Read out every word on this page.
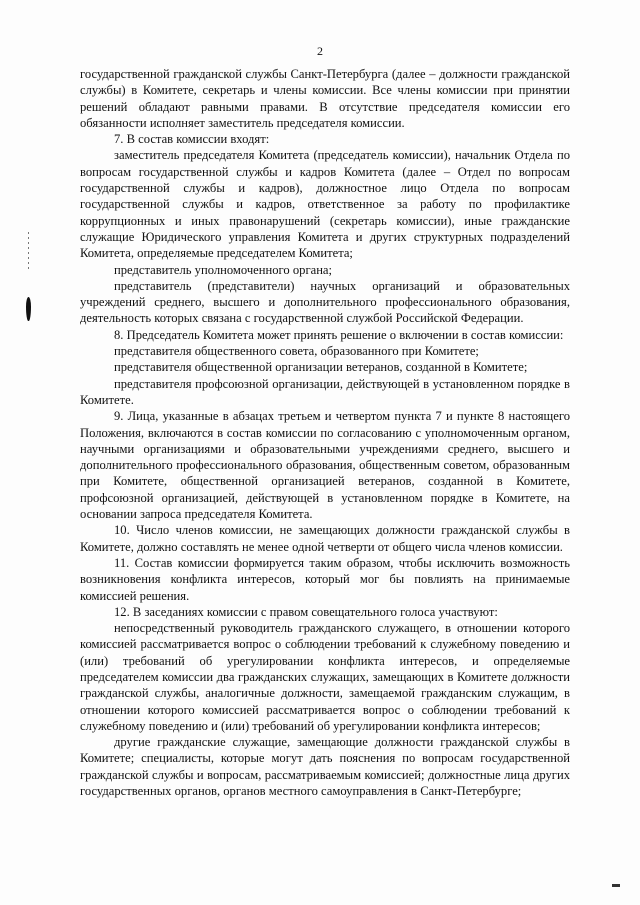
2

государственной гражданской службы Санкт-Петербурга (далее – должности гражданской службы) в Комитете, секретарь и члены комиссии. Все члены комиссии при принятии решений обладают равными правами. В отсутствие председателя комиссии его обязанности исполняет заместитель председателя комиссии.

7. В состав комиссии входят:

заместитель председателя Комитета (председатель комиссии), начальник Отдела по вопросам государственной службы и кадров Комитета (далее – Отдел по вопросам государственной службы и кадров), должностное лицо Отдела по вопросам государственной службы и кадров, ответственное за работу по профилактике коррупционных и иных правонарушений (секретарь комиссии), иные гражданские служащие Юридического управления Комитета и других структурных подразделений Комитета, определяемые председателем Комитета;

представитель уполномоченного органа;

представитель (представители) научных организаций и образовательных учреждений среднего, высшего и дополнительного профессионального образования, деятельность которых связана с государственной службой Российской Федерации.

8. Председатель Комитета может принять решение о включении в состав комиссии:

представителя общественного совета, образованного при Комитете;

представителя общественной организации ветеранов, созданной в Комитете;

представителя профсоюзной организации, действующей в установленном порядке в Комитете.

9. Лица, указанные в абзацах третьем и четвертом пункта 7 и пункте 8 настоящего Положения, включаются в состав комиссии по согласованию с уполномоченным органом, научными организациями и образовательными учреждениями среднего, высшего и дополнительного профессионального образования, общественным советом, образованным при Комитете, общественной организацией ветеранов, созданной в Комитете, профсоюзной организацией, действующей в установленном порядке в Комитете, на основании запроса председателя Комитета.

10. Число членов комиссии, не замещающих должности гражданской службы в Комитете, должно составлять не менее одной четверти от общего числа членов комиссии.

11. Состав комиссии формируется таким образом, чтобы исключить возможность возникновения конфликта интересов, который мог бы повлиять на принимаемые комиссией решения.

12. В заседаниях комиссии с правом совещательного голоса участвуют:

непосредственный руководитель гражданского служащего, в отношении которого комиссией рассматривается вопрос о соблюдении требований к служебному поведению и (или) требований об урегулировании конфликта интересов, и определяемые председателем комиссии два гражданских служащих, замещающих в Комитете должности гражданской службы, аналогичные должности, замещаемой гражданским служащим, в отношении которого комиссией рассматривается вопрос о соблюдении требований к служебному поведению и (или) требований об урегулировании конфликта интересов;

другие гражданские служащие, замещающие должности гражданской службы в Комитете; специалисты, которые могут дать пояснения по вопросам государственной гражданской службы и вопросам, рассматриваемым комиссией; должностные лица других государственных органов, органов местного самоуправления в Санкт-Петербурге;
